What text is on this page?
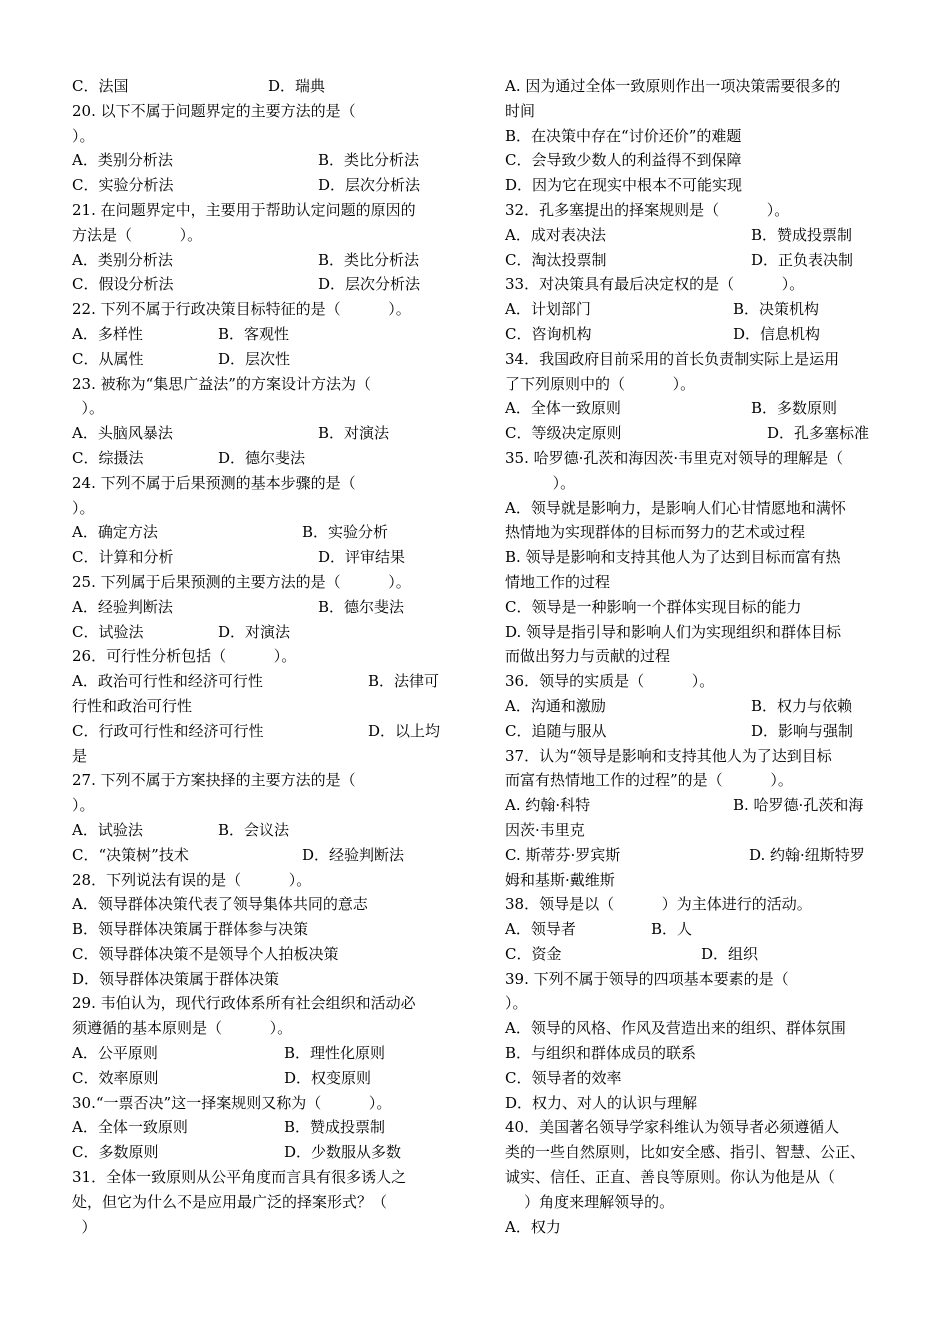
C．法国	D．瑞典
20. 以下不属于问题界定的主要方法的是（
）。
A．类别分析法	B．类比分析法
C．实验分析法	D．层次分析法
21. 在问题界定中，主要用于帮助认定问题的原因的
方法是（          ）。
A．类别分析法	B．类比分析法
C．假设分析法	D．层次分析法
22. 下列不属于行政决策目标特征的是（          ）。
A．多样性	B．客观性
C．从属性	D．层次性
23. 被称为“集思广益法”的方案设计方法为（
）。
A．头脑风暴法	B．对演法
C．综摄法	D．德尔斐法
24. 下列不属于后果预测的基本步骤的是（
）。
A．确定方法	B．实验分析
C．计算和分析	D．评审结果
25. 下列属于后果预测的主要方法的是（          ）。
A．经验判断法	B．德尔斐法
C．试验法	D．对演法
26．可行性分析包括（          ）。
A．政治可行性和经济可行性	B．法律可
行性和政治可行性
C．行政可行性和经济可行性	D．以上均
是
27. 下列不属于方案抉择的主要方法的是（
）。
A．试验法	B．会议法
C．“决策树”技术	D．经验判断法
28．下列说法有误的是（          ）。
A．领导群体决策代表了领导集体共同的意志
B．领导群体决策属于群体参与决策
C．领导群体决策不是领导个人拍板决策
D．领导群体决策属于群体决策
29. 韦伯认为，现代行政体系所有社会组织和活动必
须遵循的基本原则是（          ）。
A．公平原则	B．理性化原则
C．效率原则	D．权变原则
30.“一票否决”这一择案规则又称为（          ）。
A．全体一致原则	B．赞成投票制
C．多数原则	D．少数服从多数
31．全体一致原则从公平角度而言具有很多诱人之
处，但它为什么不是应用最广泛的择案形式？（
）
A. 因为通过全体一致原则作出一项决策需要很多的
时间
B．在决策中存在“讨价还价”的难题
C．会导致少数人的利益得不到保障
D．因为它在现实中根本不可能实现
32．孔多塞提出的择案规则是（          ）。
A．成对表决法	B．赞成投票制
C．淘汰投票制	D．正负表决制
33．对决策具有最后决定权的是（          ）。
A．计划部门	B．决策机构
C．咨询机构	D．信息机构
34．我国政府目前采用的首长负责制实际上是运用
了下列原则中的（          ）。
A．全体一致原则	B．多数原则
C．等级决定原则	D．孔多塞标准
35. 哈罗德·孔茨和海因茨·韦里克对领导的理解是（
）。
A．领导就是影响力，是影响人们心甘情愿地和满怀
热情地为实现群体的目标而努力的艺术或过程
B. 领导是影响和支持其他人为了达到目标而富有热
情地工作的过程
C．领导是一种影响一个群体实现目标的能力
D. 领导是指引导和影响人们为实现组织和群体目标
而做出努力与贡献的过程
36．领导的实质是（          ）。
A．沟通和激励	B．权力与依赖
C．追随与服从	D．影响与强制
37．认为“领导是影响和支持其他人为了达到目标
而富有热情地工作的过程”的是（          ）。
A. 约翰·科特	B. 哈罗德·孔茨和海
因茨·韦里克
C. 斯蒂芬·罗宾斯	D. 约翰·纽斯特罗
姆和基斯·戴维斯
38．领导是以（          ）为主体进行的活动。
A．领导者	B．人
C．资金	D．组织
39. 下列不属于领导的四项基本要素的是（
）。
A．领导的风格、作风及营造出来的组织、群体氛围
B．与组织和群体成员的联系
C．领导者的效率
D．权力、对人的认识与理解
40．美国著名领导学家科维认为领导者必须遵循人
类的一些自然原则，比如安全感、指引、智慧、公正、
诚实、信任、正直、善良等原则。你认为他是从（
）角度来理解领导的。
A．权力
